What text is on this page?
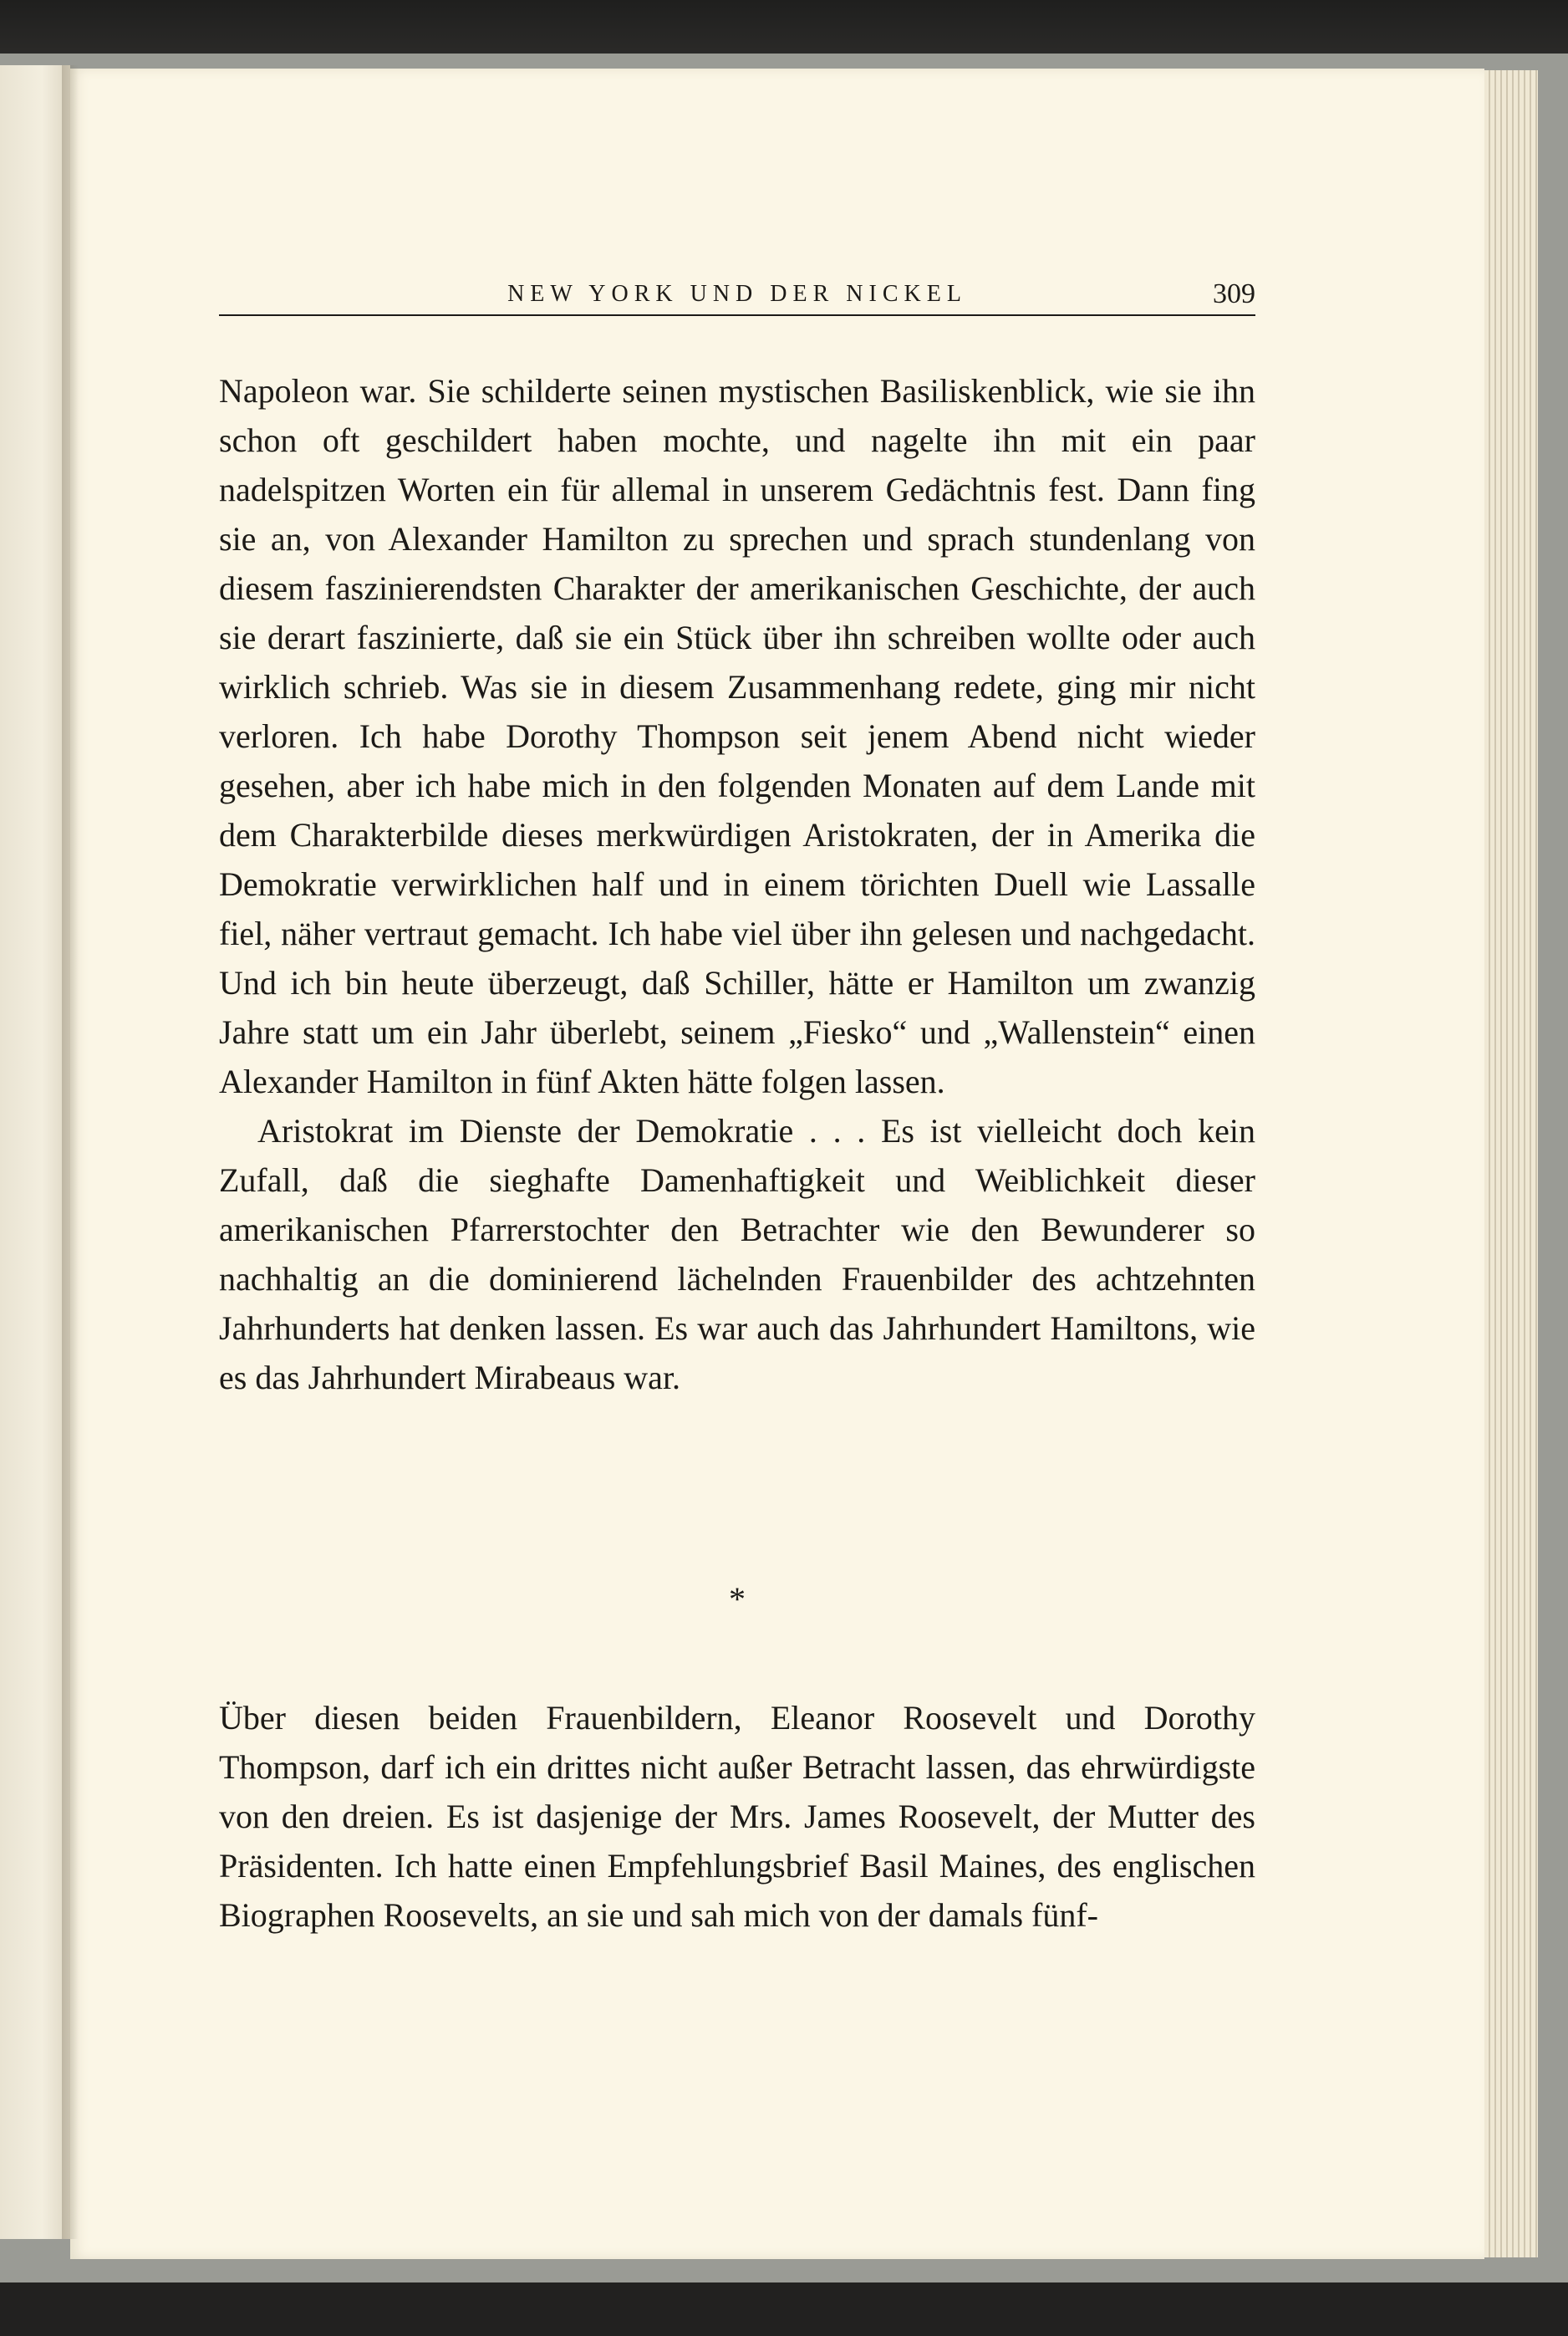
NEW YORK UND DER NICKEL	309

Napoleon war. Sie schilderte seinen mystischen Basiliskenblick, wie sie ihn schon oft geschildert haben mochte, und nagelte ihn mit ein paar nadelspitzen Worten ein für allemal in unserem Gedächtnis fest. Dann fing sie an, von Alexander Hamilton zu sprechen und sprach stundenlang von diesem faszinierendsten Charakter der amerikanischen Geschichte, der auch sie derart faszinierte, daß sie ein Stück über ihn schreiben wollte oder auch wirklich schrieb. Was sie in diesem Zusammenhang redete, ging mir nicht verloren. Ich habe Dorothy Thompson seit jenem Abend nicht wieder gesehen, aber ich habe mich in den folgenden Monaten auf dem Lande mit dem Charakterbilde dieses merkwürdigen Aristokraten, der in Amerika die Demokratie verwirklichen half und in einem törichten Duell wie Lassalle fiel, näher vertraut gemacht. Ich habe viel über ihn gelesen und nachgedacht. Und ich bin heute überzeugt, daß Schiller, hätte er Hamilton um zwanzig Jahre statt um ein Jahr überlebt, seinem „Fiesko“ und „Wallenstein“ einen Alexander Hamilton in fünf Akten hätte folgen lassen.

Aristokrat im Dienste der Demokratie . . . Es ist vielleicht doch kein Zufall, daß die sieghafte Damenhaftigkeit und Weiblichkeit dieser amerikanischen Pfarrerstochter den Betrachter wie den Bewunderer so nachhaltig an die dominierend lächelnden Frauenbilder des achtzehnten Jahrhunderts hat denken lassen. Es war auch das Jahrhundert Hamiltons, wie es das Jahrhundert Mirabeaus war.

*

Über diesen beiden Frauenbildern, Eleanor Roosevelt und Dorothy Thompson, darf ich ein drittes nicht außer Betracht lassen, das ehrwürdigste von den dreien. Es ist dasjenige der Mrs. James Roosevelt, der Mutter des Präsidenten. Ich hatte einen Empfehlungsbrief Basil Maines, des englischen Biographen Roosevelts, an sie und sah mich von der damals fünf-
